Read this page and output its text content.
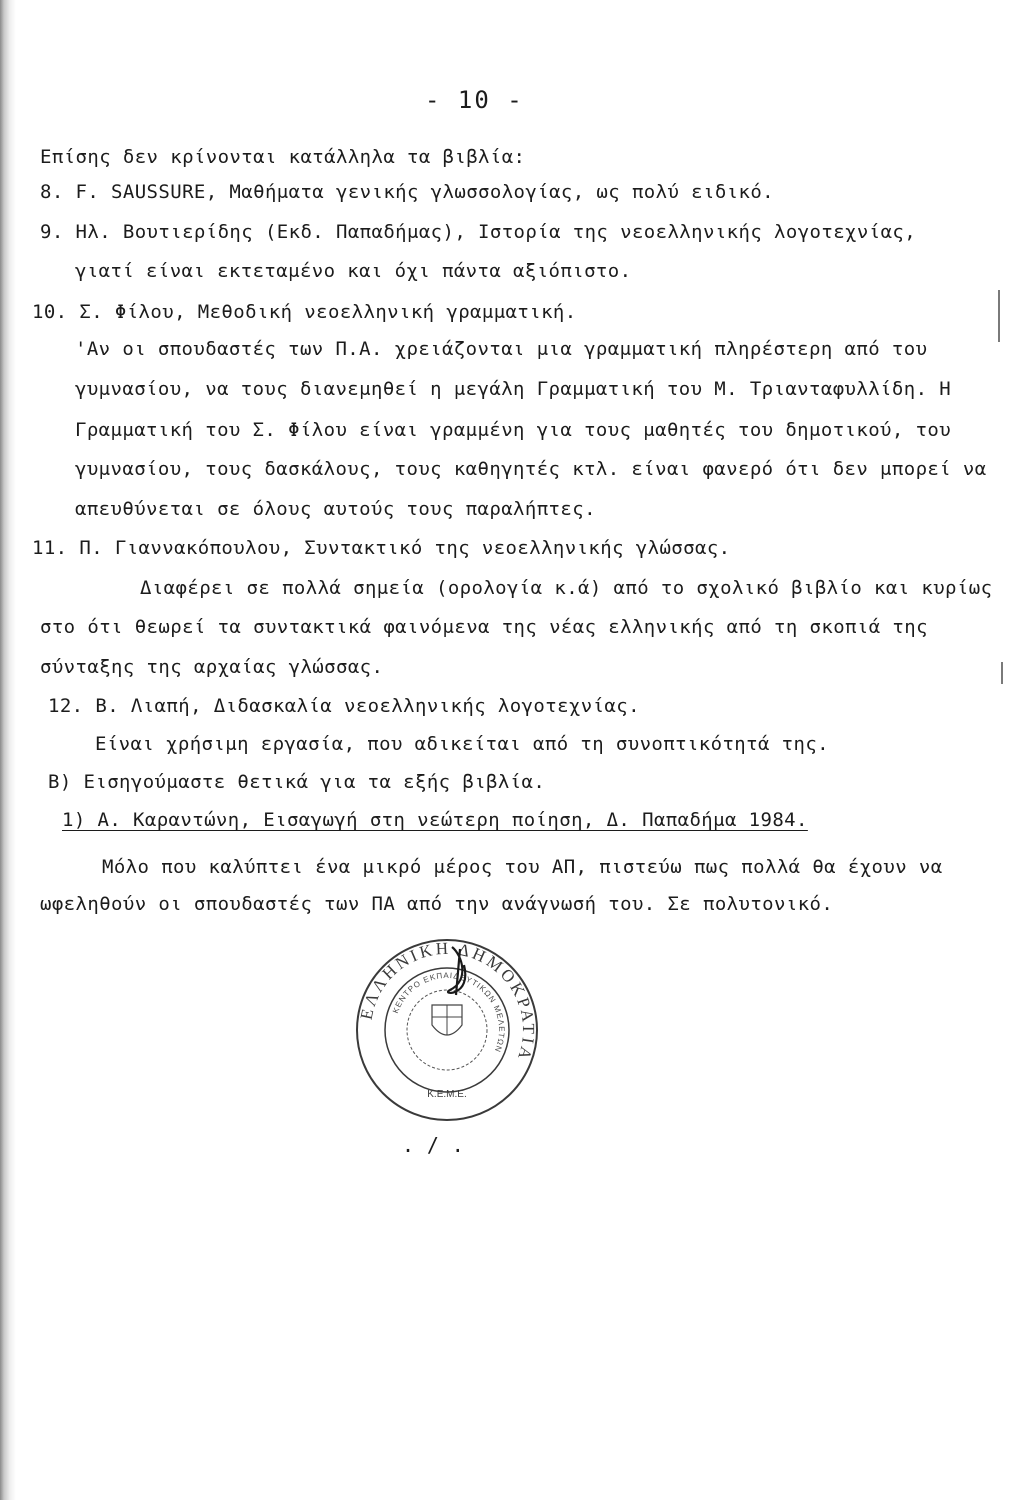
- 10 -
Επίσης δεν κρίνονται κατάλληλα τα βιβλία:
8. F. SAUSSURE, Μαθήματα γενικής γλωσσολογίας, ως πολύ ειδικό.
9. Ηλ. Βουτιερίδης (Εκδ. Παπαδήμας), Ιστορία της νεοελληνικής λογοτεχνίας,
γιατί είναι εκτεταμένο και όχι πάντα αξιόπιστο.
10. Σ. Φίλου, Μεθοδική νεοελληνική γραμματική.
'Αν οι σπουδαστές των Π.Α. χρειάζονται μια γραμματική πληρέστερη από του
γυμνασίου, να τους διανεμηθεί η μεγάλη Γραμματική του Μ. Τριανταφυλλίδη. Η
Γραμματική του Σ. Φίλου είναι γραμμένη για τους μαθητές του δημοτικού, του
γυμνασίου, τους δασκάλους, τους καθηγητές κτλ. είναι φανερό ότι δεν μπορεί να
απευθύνεται σε όλους αυτούς τους παραλήπτες.
11. Π. Γιαννακόπουλου, Συντακτικό της νεοελληνικής γλώσσας.
Διαφέρει σε πολλά σημεία (ορολογία κ.ά) από το σχολικό βιβλίο και κυρίως
στο ότι θεωρεί τα συντακτικά φαινόμενα της νέας ελληνικής από τη σκοπιά της
σύνταξης της αρχαίας γλώσσας.
12. Β. Λιαπή, Διδασκαλία νεοελληνικής λογοτεχνίας.
Είναι χρήσιμη εργασία, που αδικείται από τη συνοπτικότητά της.
Β) Εισηγούμαστε θετικά για τα εξής βιβλία.
1) Α. Καραντώνη, Εισαγωγή στη νεώτερη ποίηση, Δ. Παπαδήμα 1984.
Μόλο που καλύπτει ένα μικρό μέρος του ΑΠ, πιστεύω πως πολλά θα έχουν να
ωφεληθούν οι σπουδαστές των ΠΑ από την ανάγνωσή του. Σε πολυτονικό.
ΕΛΛΗΝΙΚΗ ΔΗΜΟΚΡΑΤΙΑ
ΚΕΝΤΡΟ ΕΚΠΑΙΔΕΥΤΙΚΩΝ ΜΕΛΕΤΩΝ
Κ.Ε.Μ.Ε.
. / .
